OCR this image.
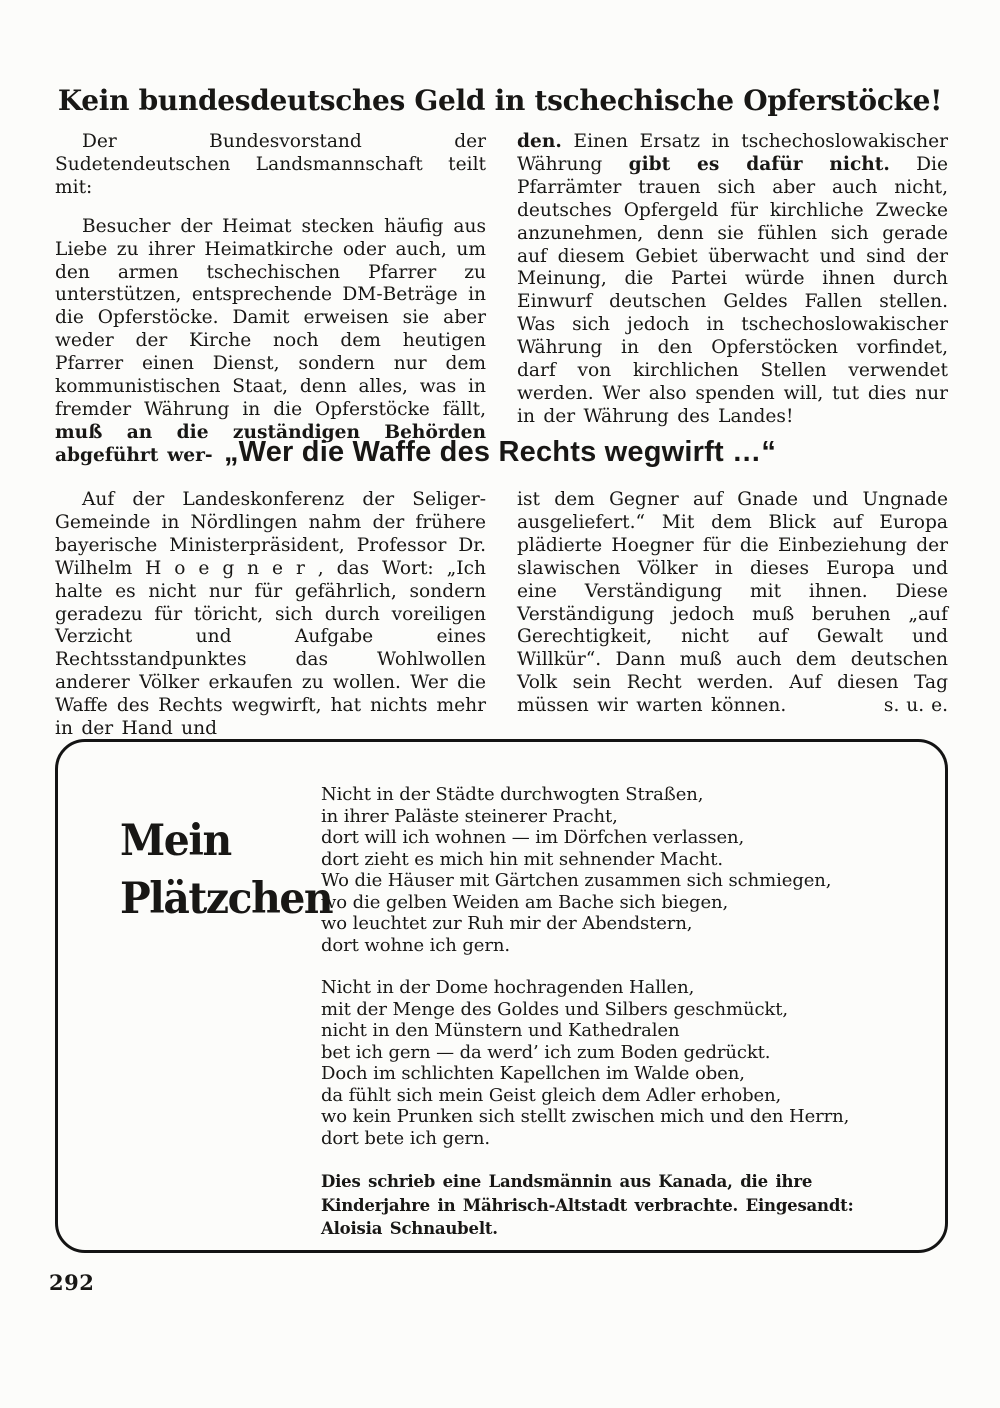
Kein bundesdeutsches Geld in tschechische Opferstöcke!

Der Bundesvorstand der Sudetendeutschen Landsmannschaft teilt mit:

Besucher der Heimat stecken häufig aus Liebe zu ihrer Heimatkirche oder auch, um den armen tschechischen Pfarrer zu unterstützen, entsprechende DM-Beträge in die Opferstöcke. Damit erweisen sie aber weder der Kirche noch dem heutigen Pfarrer einen Dienst, sondern nur dem kommunistischen Staat, denn alles, was in fremder Währung in die Opferstöcke fällt, muß an die zuständigen Behörden abgeführt wer-

den. Einen Ersatz in tschechoslowakischer Währung gibt es dafür nicht. Die Pfarrämter trauen sich aber auch nicht, deutsches Opfergeld für kirchliche Zwecke anzunehmen, denn sie fühlen sich gerade auf diesem Gebiet überwacht und sind der Meinung, die Partei würde ihnen durch Einwurf deutschen Geldes Fallen stellen. Was sich jedoch in tschechoslowakischer Währung in den Opferstöcken vorfindet, darf von kirchlichen Stellen verwendet werden. Wer also spenden will, tut dies nur in der Währung des Landes!

„Wer die Waffe des Rechts wegwirft …“

Auf der Landeskonferenz der Seliger-Gemeinde in Nördlingen nahm der frühere bayerische Ministerpräsident, Professor Dr. Wilhelm H o e g n e r , das Wort: „Ich halte es nicht nur für gefährlich, sondern geradezu für töricht, sich durch voreiligen Verzicht und Aufgabe eines Rechtsstandpunktes das Wohlwollen anderer Völker erkaufen zu wollen. Wer die Waffe des Rechts wegwirft, hat nichts mehr in der Hand und

ist dem Gegner auf Gnade und Ungnade ausgeliefert.“ Mit dem Blick auf Europa plädierte Hoegner für die Einbeziehung der slawischen Völker in dieses Europa und eine Verständigung mit ihnen. Diese Verständigung jedoch muß beruhen „auf Gerechtigkeit, nicht auf Gewalt und Willkür“. Dann muß auch dem deutschen Volk sein Recht werden. Auf diesen Tag müssen wir warten können.	s. u. e.

Mein
Plätzchen
Nicht in der Städte durchwogten Straßen,
in ihrer Paläste steinerer Pracht,
dort will ich wohnen — im Dörfchen verlassen,
dort zieht es mich hin mit sehnender Macht.
Wo die Häuser mit Gärtchen zusammen sich schmiegen,
wo die gelben Weiden am Bache sich biegen,
wo leuchtet zur Ruh mir der Abendstern,
dort wohne ich gern.
Nicht in der Dome hochragenden Hallen,
mit der Menge des Goldes und Silbers geschmückt,
nicht in den Münstern und Kathedralen
bet ich gern — da werd’ ich zum Boden gedrückt.
Doch im schlichten Kapellchen im Walde oben,
da fühlt sich mein Geist gleich dem Adler erhoben,
wo kein Prunken sich stellt zwischen mich und den Herrn,
dort bete ich gern.

Dies schrieb eine Landsmännin aus Kanada, die ihre Kinderjahre in Mährisch-Altstadt verbrachte. Eingesandt: Aloisia Schnaubelt.

292
